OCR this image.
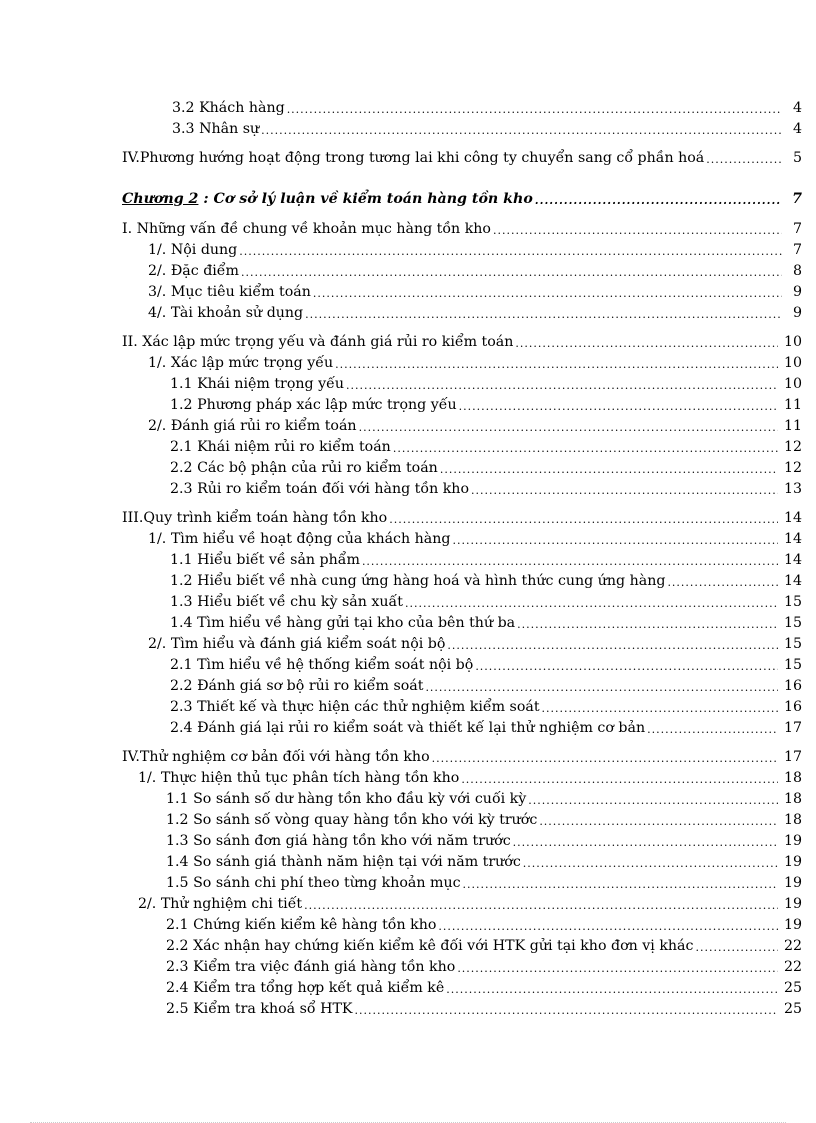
3.2 Khách hàng .....	4
3.3 Nhân sự .....	4
IV.Phương hướng hoạt động trong tương lai khi công ty chuyển sang cổ phần hoá .....	5
Chương 2 : Cơ sở lý luận về kiểm toán hàng tồn kho .....	7
I. Những vấn đề chung về khoản mục hàng tồn kho .....	7
1/. Nội dung .....	7
2/. Đặc điểm .....	8
3/. Mục tiêu kiểm toán .....	9
4/. Tài khoản sử dụng .....	9
II. Xác lập mức trọng yếu và đánh giá rủi ro kiểm toán .....	10
1/. Xác lập mức trọng yếu .....	10
1.1 Khái niệm trọng yếu .....	10
1.2 Phương pháp xác lập mức trọng yếu .....	11
2/. Đánh giá rủi ro kiểm toán .....	11
2.1 Khái niệm rủi ro kiểm toán .....	12
2.2 Các bộ phận của rủi ro kiểm toán .....	12
2.3 Rủi ro kiểm toán đối với hàng tồn kho .....	13
III.Quy trình kiểm toán hàng tồn kho .....	14
1/. Tìm hiểu về hoạt động của khách hàng .....	14
1.1 Hiểu biết về sản phẩm .....	14
1.2 Hiểu biết về nhà cung ứng hàng hoá và hình thức cung ứng hàng .....	14
1.3 Hiểu biết về chu kỳ sản xuất .....	15
1.4 Tìm hiểu về hàng gửi tại kho của bên thứ ba .....	15
2/. Tìm hiểu và đánh giá kiểm soát nội bộ .....	15
2.1 Tìm hiểu về hệ thống kiểm soát nội bộ .....	15
2.2 Đánh giá sơ bộ rủi ro kiểm soát .....	16
2.3 Thiết kế và thực hiện các thử nghiệm kiểm soát .....	16
2.4 Đánh giá lại rủi ro kiểm soát và thiết kế lại thử nghiệm cơ bản .....	17
IV.Thử nghiệm cơ bản đối với hàng tồn kho .....	17
1/. Thực hiện thủ tục phân tích hàng tồn kho .....	18
1.1 So sánh số dư hàng tồn kho đầu kỳ với cuối kỳ .....	18
1.2 So sánh số vòng quay hàng tồn kho với kỳ trước .....	18
1.3 So sánh đơn giá hàng tồn kho với năm trước .....	19
1.4 So sánh giá thành năm hiện tại với năm trước .....	19
1.5 So sánh chi phí theo từng khoản mục .....	19
2/. Thử nghiệm chi tiết .....	19
2.1 Chứng kiến kiểm kê hàng tồn kho .....	19
2.2 Xác nhận hay chứng kiến kiểm kê đối với HTK gửi tại kho đơn vị khác .....	22
2.3 Kiểm tra việc đánh giá hàng tồn kho .....	22
2.4 Kiểm tra tổng hợp kết quả kiểm kê .....	25
2.5 Kiểm tra khoá sổ HTK .....	25
